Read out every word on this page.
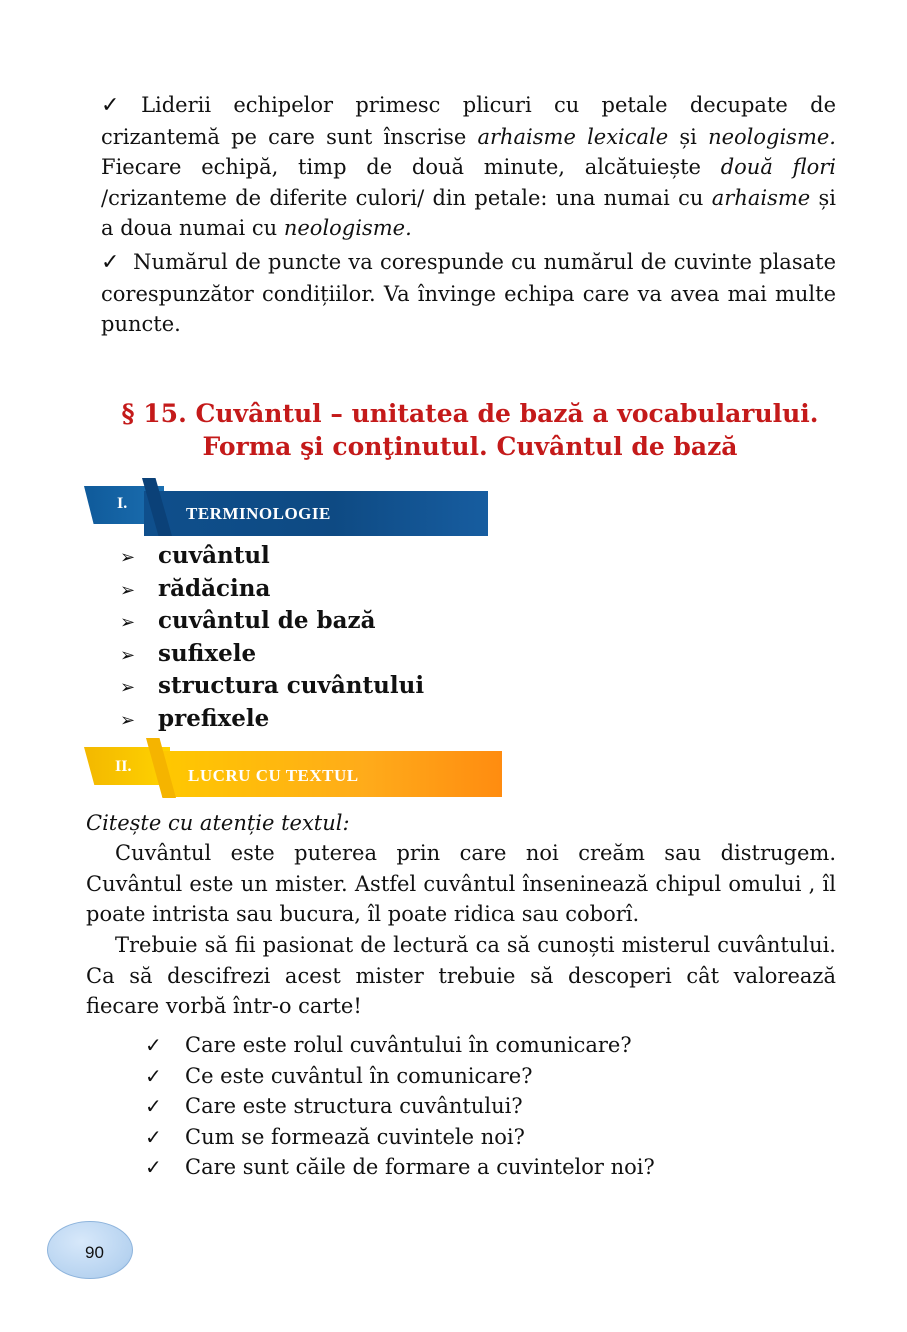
✓ Liderii echipelor primesc plicuri cu petale decupate de crizantemă pe care sunt înscrise arhaisme lexicale și neologisme. Fiecare echipă, timp de două minute, alcătuiește două flori /crizanteme de diferite culori/ din petale: una numai cu arhaisme și a doua numai cu neologisme.
✓ Numărul de puncte va corespunde cu numărul de cuvinte plasate corespunzător condițiilor. Va învinge echipa care va avea mai multe puncte.
§ 15. Cuvântul – unitatea de bază a vocabularului.
Forma şi conţinutul. Cuvântul de bază
I.
TERMINOLOGIE
➢ cuvântul
➢ rădăcina
➢ cuvântul de bază
➢ sufixele
➢ structura cuvântului
➢ prefixele
II.	LUCRU CU TEXTUL
Citește cu atenție textul:

Cuvântul este puterea prin care noi creăm sau distrugem. Cuvântul este un mister. Astfel cuvântul înseninează chipul omului , îl poate intrista sau bucura, îl poate ridica sau coborî.

Trebuie să fii pasionat de lectură ca să cunoști misterul cuvântului. Ca să descifrezi acest mister trebuie să descoperi cât valorează fiecare vorbă într-o carte!

✓ Care este rolul cuvântului în comunicare?
✓ Ce este cuvântul în comunicare?
✓ Care este structura cuvântului?
✓ Cum se formează cuvintele noi?
✓ Care sunt căile de formare a cuvintelor noi?
90
